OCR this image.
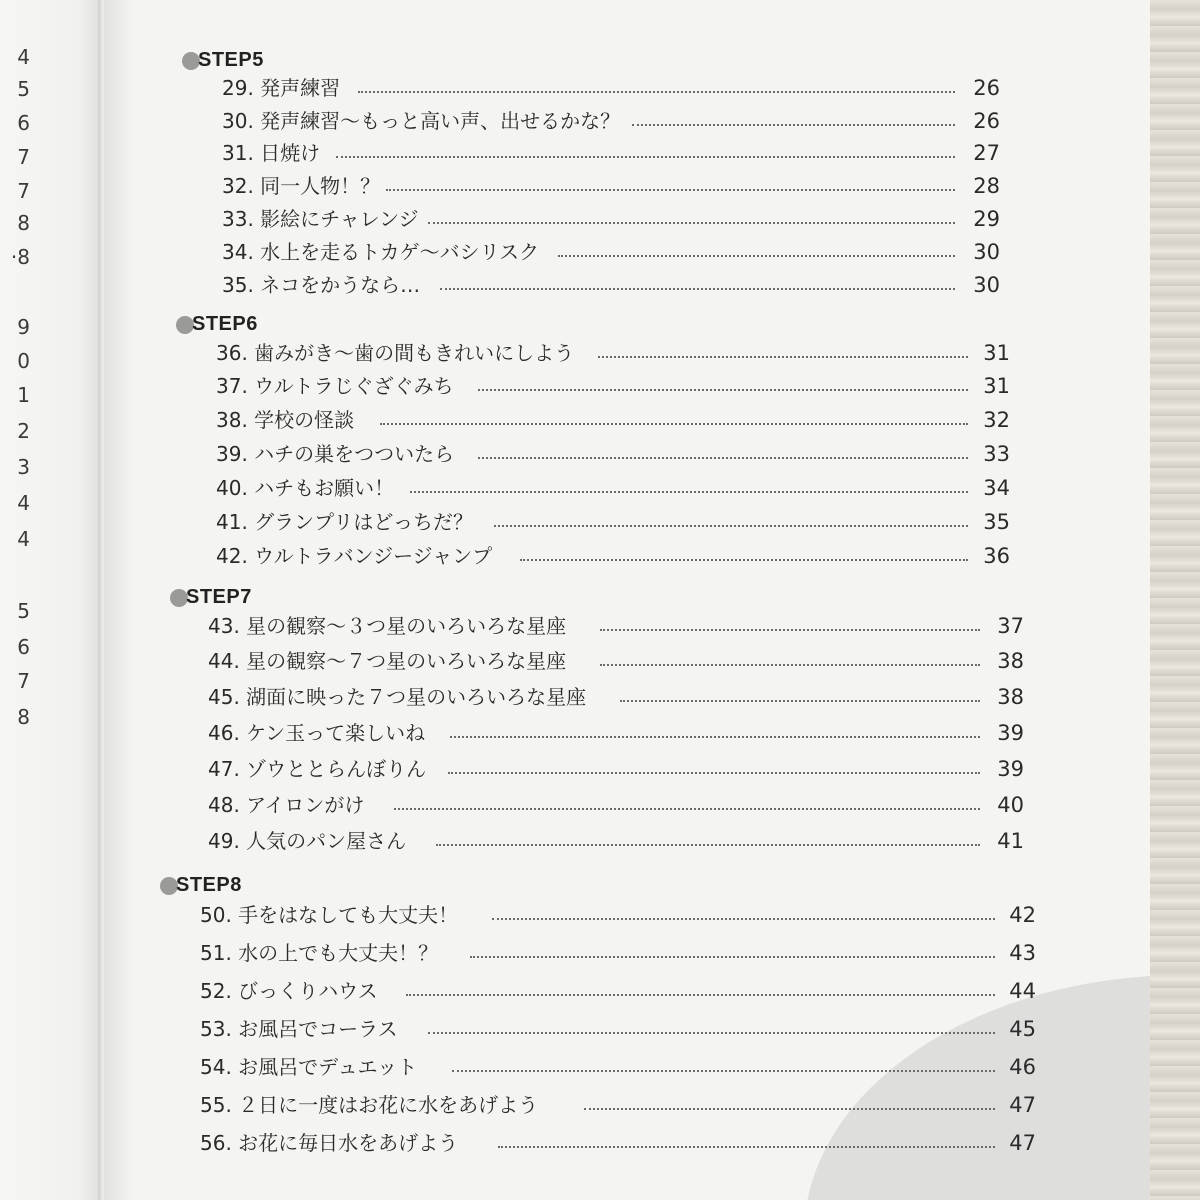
4
5
6
7
7
8
·8
9
0
1
2
3
4
4
5
6
7
8
STEP5
29. 発声練習	26
30. 発声練習～もっと高い声、出せるかな？	26
31. 日焼け	27
32. 同一人物！？	28
33. 影絵にチャレンジ	29
34. 水上を走るトカゲ～バシリスク	30
35. ネコをかうなら…	30
STEP6
36. 歯みがき～歯の間もきれいにしよう	31
37. ウルトラじぐざぐみち	31
38. 学校の怪談	32
39. ハチの巣をつついたら	33
40. ハチもお願い！	34
41. グランプリはどっちだ？	35
42. ウルトラバンジージャンプ	36
STEP7
43. 星の観察～３つ星のいろいろな星座	37
44. 星の観察～７つ星のいろいろな星座	38
45. 湖面に映った７つ星のいろいろな星座	38
46. ケン玉って楽しいね	39
47. ゾウととらんぼりん	39
48. アイロンがけ	40
49. 人気のパン屋さん	41
STEP8
50. 手をはなしても大丈夫！	42
51. 水の上でも大丈夫！？	43
52. びっくりハウス	44
53. お風呂でコーラス	45
54. お風呂でデュエット	46
55. ２日に一度はお花に水をあげよう	47
56. お花に毎日水をあげよう	47
